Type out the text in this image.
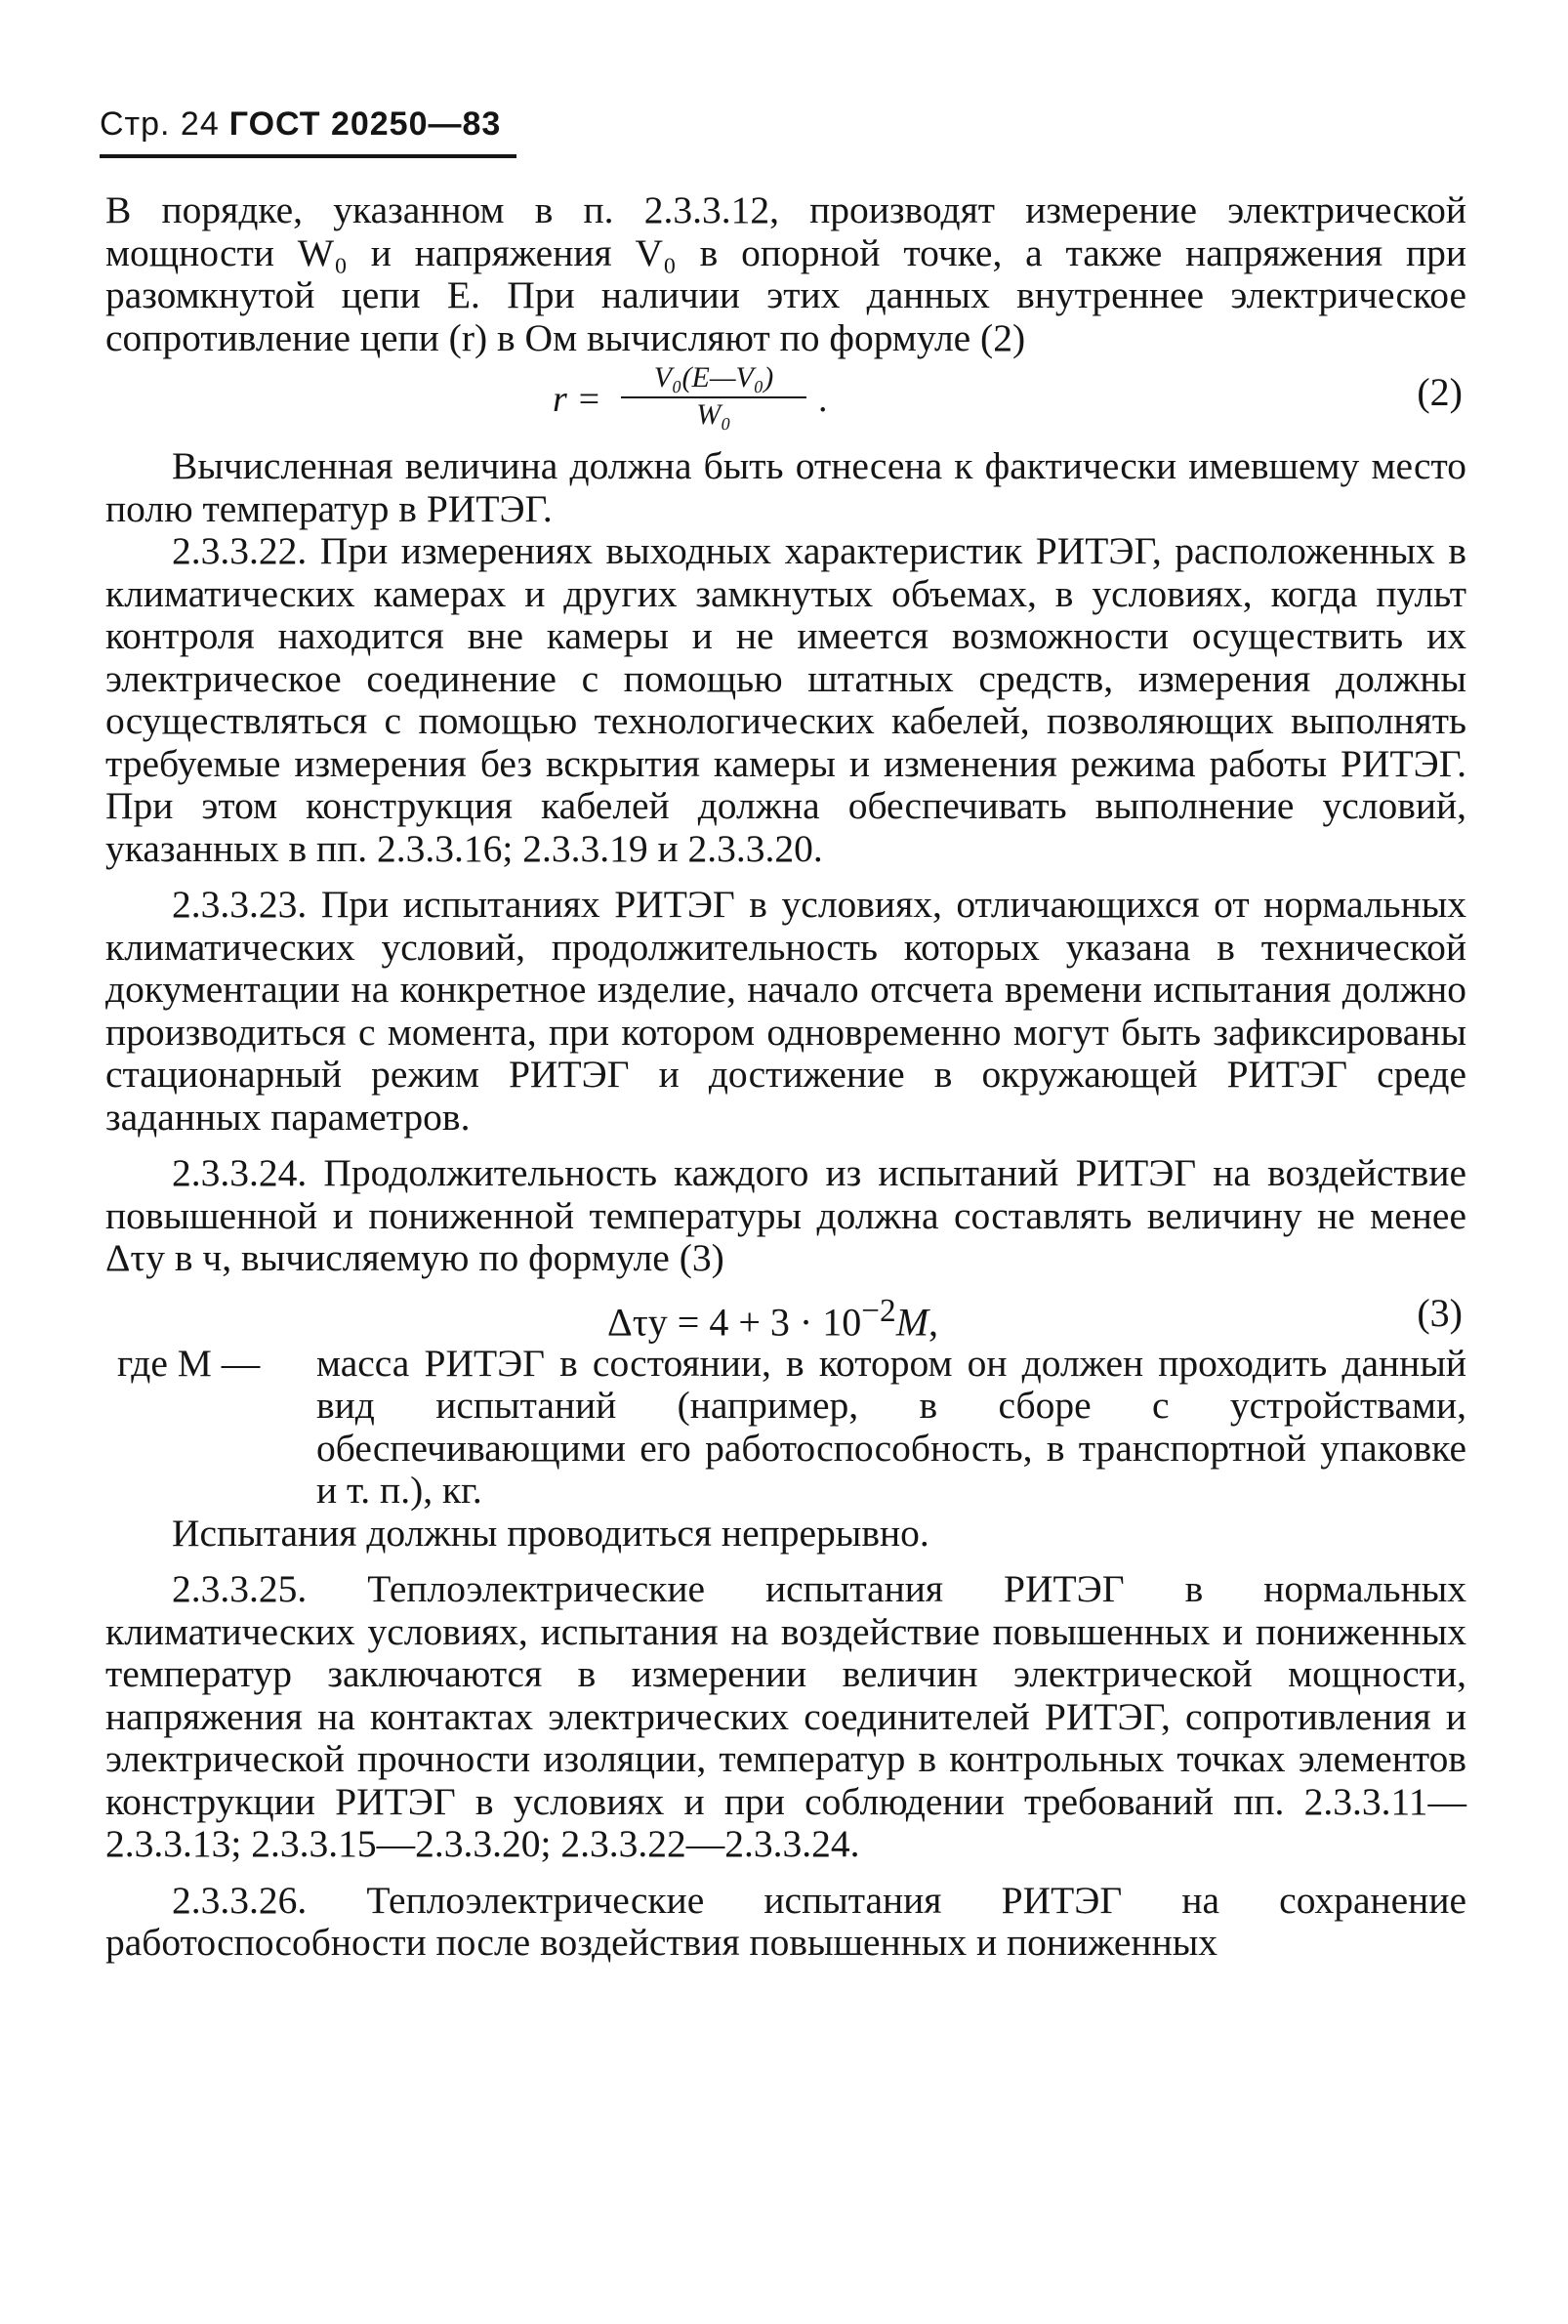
Стр. 24 ГОСТ 20250—83

В порядке, указанном в п. 2.3.3.12, производят измерение электрической мощности W₀ и напряжения V₀ в опорной точке, а также напряжения при разомкнутой цепи E. При наличии этих данных внутреннее электрическое сопротивление цепи (r) в Ом вычисляют по формуле (2)

r =
V₀(E—V₀)
W₀	.	(2)

Вычисленная величина должна быть отнесена к фактически имевшему место полю температур в РИТЭГ.

2.3.3.22. При измерениях выходных характеристик РИТЭГ, расположенных в климатических камерах и других замкнутых объемах, в условиях, когда пульт контроля находится вне камеры и не имеется возможности осуществить их электрическое соединение с помощью штатных средств, измерения должны осуществляться с помощью технологических кабелей, позволяющих выполнять требуемые измерения без вскрытия камеры и изменения режима работы РИТЭГ. При этом конструкция кабелей должна обеспечивать выполнение условий, указанных в пп. 2.3.3.16; 2.3.3.19 и 2.3.3.20.

2.3.3.23. При испытаниях РИТЭГ в условиях, отличающихся от нормальных климатических условий, продолжительность которых указана в технической документации на конкретное изделие, начало отсчета времени испытания должно производиться с момента, при котором одновременно могут быть зафиксированы стационарный режим РИТЭГ и достижение в окружающей РИТЭГ среде заданных параметров.

2.3.3.24. Продолжительность каждого из испытаний РИТЭГ на воздействие повышенной и пониженной температуры должна составлять величину не менее Δτу в ч, вычисляемую по формуле (3)

$\Delta\tau у = 4 + 3 \cdot 10^{-2}M$,	(3)
где M — масса РИТЭГ в состоянии, в котором он должен проходить данный вид испытаний (например, в сборе с устройствами, обеспечивающими его работоспособность, в транспортной упаковке и т. п.), кг.

Испытания должны проводиться непрерывно.

2.3.3.25. Теплоэлектрические испытания РИТЭГ в нормальных климатических условиях, испытания на воздействие повышенных и пониженных температур заключаются в измерении величин электрической мощности, напряжения на контактах электрических соединителей РИТЭГ, сопротивления и электрической прочности изоляции, температур в контрольных точках элементов конструкции РИТЭГ в условиях и при соблюдении требований пп. 2.3.3.11— 2.3.3.13; 2.3.3.15—2.3.3.20; 2.3.3.22—2.3.3.24.

2.3.3.26. Теплоэлектрические испытания РИТЭГ на сохранение работоспособности после воздействия повышенных и пониженных
